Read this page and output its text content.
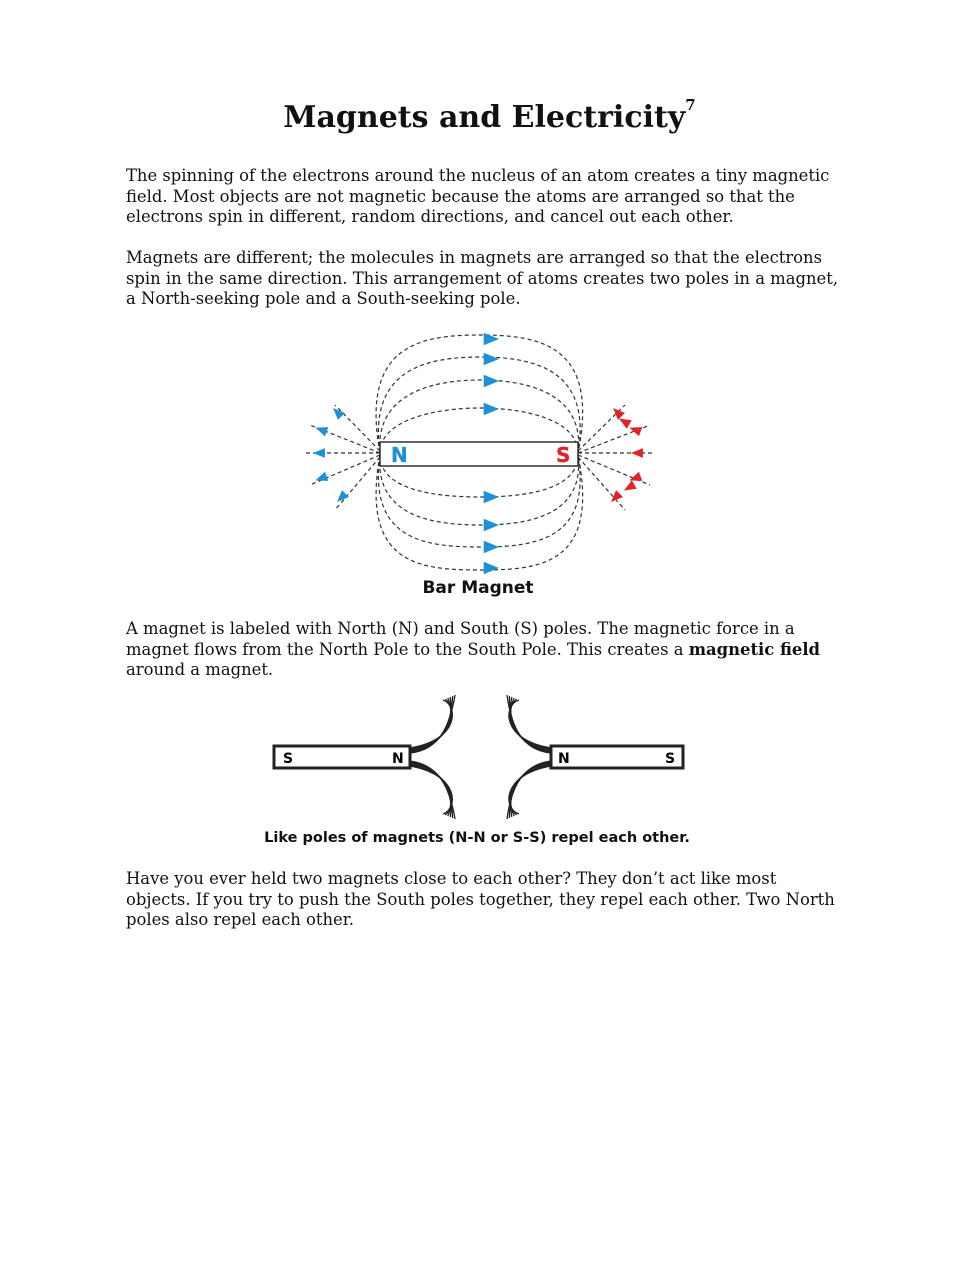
Magnets and Electricity$^7$

The spinning of the electrons around the nucleus of an atom creates a tiny magnetic field. Most objects are not magnetic because the atoms are arranged so that the electrons spin in different, random directions, and cancel out each other.

Magnets are different; the molecules in magnets are arranged so that the electrons spin in the same direction. This arrangement of atoms creates two poles in a magnet, a North-seeking pole and a South-seeking pole.

N	S
Bar Magnet

A magnet is labeled with North (N) and South (S) poles. The magnetic force in a magnet flows from the North Pole to the South Pole. This creates a magnetic field around a magnet.

S	N	N	S
Like poles of magnets (N-N or S-S) repel each other.

Have you ever held two magnets close to each other? They don’t act like most objects. If you try to push the South poles together, they repel each other. Two North poles also repel each other.
